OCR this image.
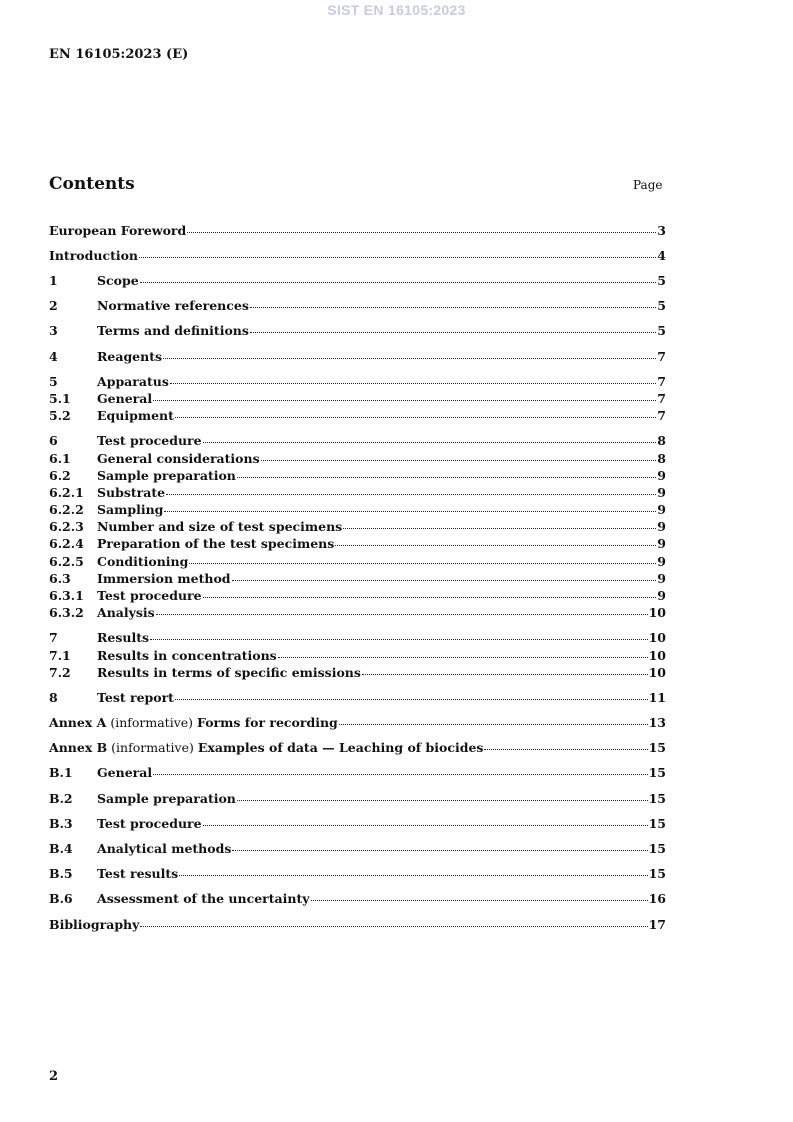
SIST EN 16105:2023
EN 16105:2023 (E)
Contents	Page
European Foreword	3
Introduction	4
1	Scope	5
2	Normative references	5
3	Terms and definitions	5
4	Reagents	7
5	Apparatus	7
5.1	General	7
5.2	Equipment	7
6	Test procedure	8
6.1	General considerations	8
6.2	Sample preparation	9
6.2.1	Substrate	9
6.2.2	Sampling	9
6.2.3	Number and size of test specimens	9
6.2.4	Preparation of the test specimens	9
6.2.5	Conditioning	9
6.3	Immersion method	9
6.3.1	Test procedure	9
6.3.2	Analysis	10
7	Results	10
7.1	Results in concentrations	10
7.2	Results in terms of specific emissions	10
8	Test report	11
Annex A (informative) Forms for recording	13
Annex B (informative) Examples of data — Leaching of biocides	15
B.1	General	15
B.2	Sample preparation	15
B.3	Test procedure	15
B.4	Analytical methods	15
B.5	Test results	15
B.6	Assessment of the uncertainty	16
Bibliography	17
2
